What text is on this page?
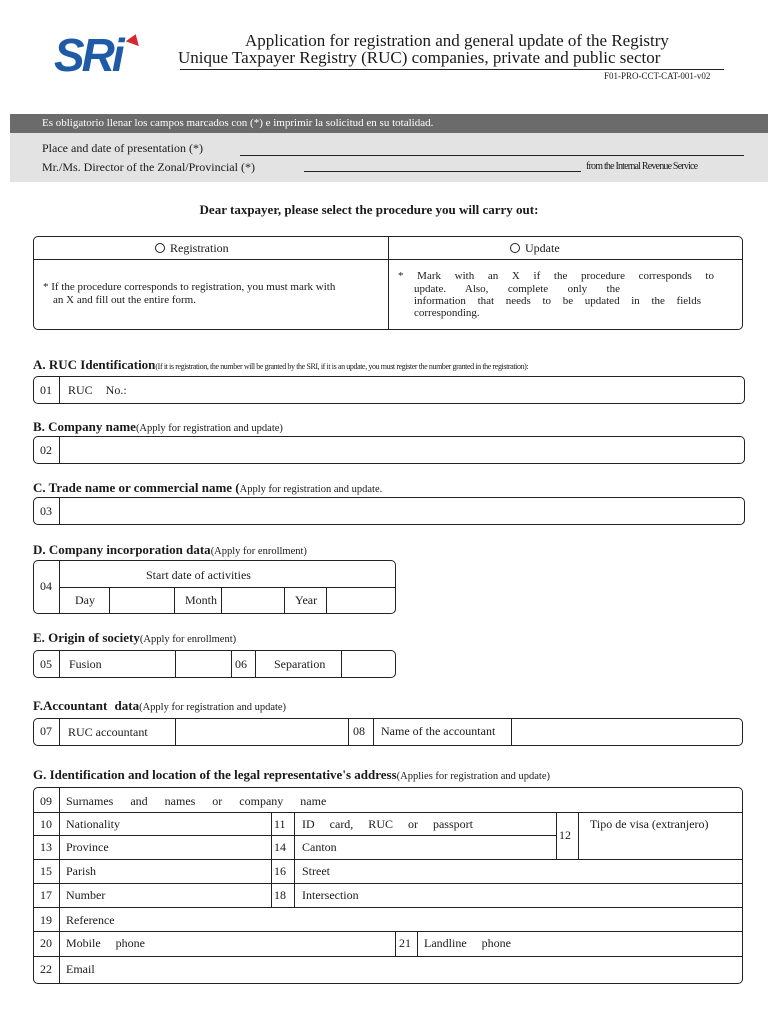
SRi	Application for registration and general update of the Registry
Unique Taxpayer Registry (RUC) companies, private and public sector
F01-PRO-CCT-CAT-001-v02
Es obligatorio llenar los campos marcados con (*) e imprimir la solicitud en su totalidad.
Place and date of presentation (*)
Mr./Ms. Director of the Zonal/Provincial (*)	from the Internal Revenue Service
Dear taxpayer, please select the procedure you will carry out:
Registration	Update
* If the procedure corresponds to registration, you must mark with
an X and fill out the entire form.
* Mark with an X if the procedure corresponds to
update. Also, complete only the
information that needs to be updated in the fields
corresponding.
A. RUC Identification(If it is registration, the number will be granted by the SRI, if it is an update, you must register the number granted in the registration):
01 RUC No.:
B. Company name(Apply for registration and update)
02
C. Trade name or commercial name (Apply for registration and update.
03
D. Company incorporation data(Apply for enrollment)
04
Start date of activities
Day	Month	Year
E. Origin of society(Apply for enrollment)
05 Fusion	06 Separation
F.Accountant data(Apply for registration and update)
07 RUC accountant	08 Name of the accountant
G. Identification and location of the legal representative's address(Applies for registration and update)
09 Surnames and names or company name
10 Nationality	11 ID card, RUC or passport
12
Tipo de visa (extranjero)
13 Province	14 Canton
15 Parish	16 Street
17 Number	18 Intersection
19 Reference
20 Mobile phone	21 Landline phone
22 Email
